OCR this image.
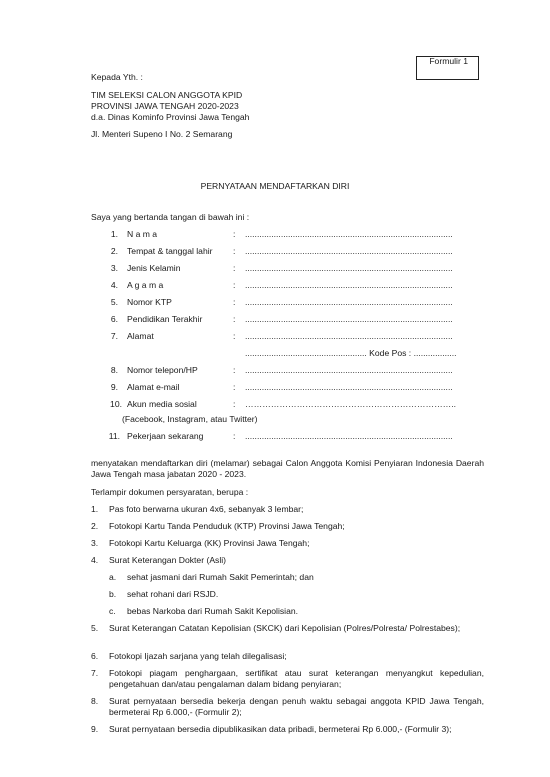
Formulir 1
Kepada Yth. :
TIM SELEKSI CALON ANGGOTA KPID
PROVINSI JAWA TENGAH 2020-2023
d.a. Dinas Kominfo Provinsi Jawa Tengah
Jl. Menteri Supeno I No. 2 Semarang
PERNYATAAN MENDAFTARKAN DIRI
Saya yang bertanda tangan di bawah ini :
1. N a m a	: .......................................................................................
2. Tempat & tanggal lahir : .......................................................................................
3. Jenis Kelamin	: .......................................................................................
4. A g a m a	: .......................................................................................
5. Nomor KTP	: .......................................................................................
6. Pendidikan Terakhir	: .......................................................................................
7. Alamat	: .......................................................................................
................................................... Kode Pos : ..................
8. Nomor telepon/HP	: .......................................................................................
9. Alamat e-mail	: .......................................................................................
10. Akun media sosial	: ………………………………………………………………..
(Facebook, Instagram, atau Twitter)
11. Pekerjaan sekarang	: .......................................................................................
menyatakan mendaftarkan diri (melamar) sebagai Calon Anggota Komisi Penyiaran Indonesia Daerah Jawa Tengah masa jabatan 2020 - 2023.
Terlampir dokumen persyaratan, berupa :
1. Pas foto berwarna ukuran 4x6, sebanyak 3 lembar;
2. Fotokopi Kartu Tanda Penduduk (KTP) Provinsi Jawa Tengah;
3. Fotokopi Kartu Keluarga (KK) Provinsi Jawa Tengah;
4. Surat Keterangan Dokter (Asli)
a. sehat jasmani dari Rumah Sakit Pemerintah; dan
b. sehat rohani dari RSJD.
c. bebas Narkoba dari Rumah Sakit Kepolisian.
5. Surat Keterangan Catatan Kepolisian (SKCK) dari Kepolisian (Polres/Polresta/ Polrestabes);
6. Fotokopi Ijazah sarjana yang telah dilegalisasi;
7. Fotokopi piagam penghargaan, sertifikat atau surat keterangan menyangkut kepedulian, pengetahuan dan/atau pengalaman dalam bidang penyiaran;
8. Surat pernyataan bersedia bekerja dengan penuh waktu sebagai anggota KPID Jawa Tengah, bermeterai Rp 6.000,- (Formulir 2);
9. Surat pernyataan bersedia dipublikasikan data pribadi, bermeterai Rp 6.000,- (Formulir 3);
